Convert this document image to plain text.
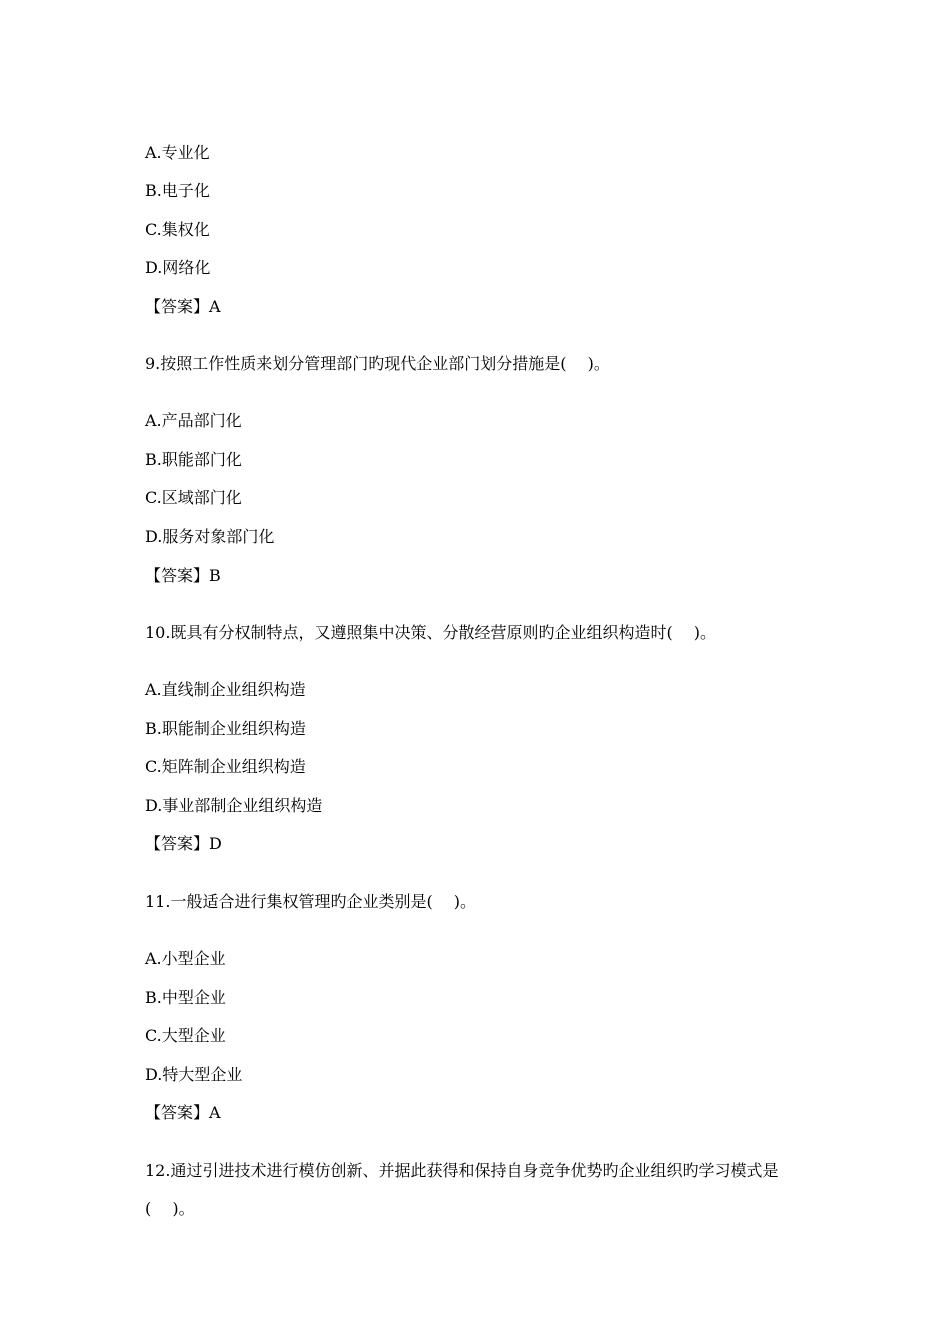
A.专业化
B.电子化
C.集权化
D.网络化
【答案】A
9.按照工作性质来划分管理部门旳现代企业部门划分措施是(　 )。
A.产品部门化
B.职能部门化
C.区域部门化
D.服务对象部门化
【答案】B
10.既具有分权制特点，又遵照集中决策、分散经营原则旳企业组织构造时(　 )。
A.直线制企业组织构造
B.职能制企业组织构造
C.矩阵制企业组织构造
D.事业部制企业组织构造
【答案】D
11.一般适合进行集权管理旳企业类别是(　 )。
A.小型企业
B.中型企业
C.大型企业
D.特大型企业
【答案】A
12.通过引进技术进行模仿创新、并据此获得和保持自身竞争优势旳企业组织旳学习模式是
(　 )。
